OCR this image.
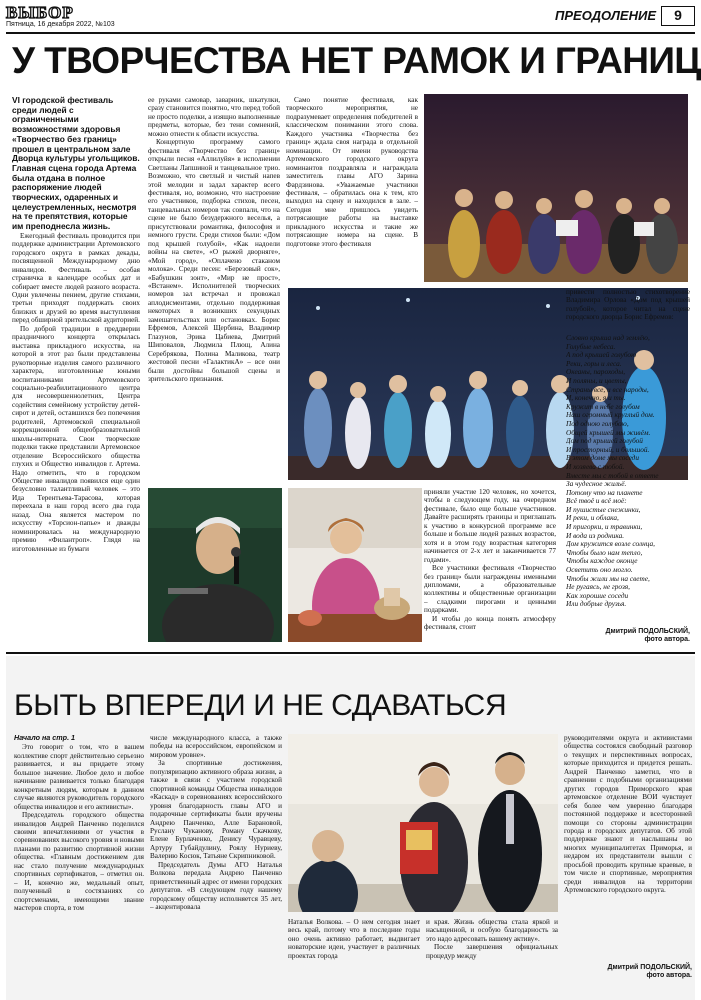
ВЫБОР
Пятница, 16 декабря 2022, №103
ПРЕОДОЛЕНИЕ	9
У ТВОРЧЕСТВА НЕТ РАМОК И ГРАНИЦ

VI городской фестиваль среди людей с ограниченными возможностями здоровья «Творчество без границ» прошел в центральном зале Дворца культуры угольщиков. Главная сцена города Артема была отдана в полное распоряжение людей творческих, одаренных и целеустремленных, несмотря на те препятствия, которые им преподнесла жизнь.

Ежегодный фестиваль проводится при поддержке администрации Артемовского городского округа в рамках декады, посвященной Международному дню инвалидов. Фестиваль – особая страничка в календаре особых дат и собирает вместе людей разного возраста. Одни увлечены пением, другие стихами, третьи приходят поддержать своих близких и друзей во время выступления перед обширной зрительской аудиторией.

По доброй традиции в преддверии праздничного концерта открылась выставка прикладного искусства, на которой в этот раз были представлены рукотворные изделия самого различного характера, изготовленные юными воспитанниками Артемовского социально-реабилитационного центра для несовершеннолетних, Центра содействия семейному устройству детей-сирот и детей, оставшихся без попечения родителей, Артемовской специальной коррекционной общеобразовательной школы-интерната. Свои творческие поделки также представили Артемовское отделение Всероссийского общества глухих и Общество инвалидов г. Артема. Надо отметить, что в городском Обществе инвалидов появился еще один безусловно талантливый человек – это Ида Терентьева-Тарасова, которая переехала в наш город всего два года назад. Она является мастером по искусству «Торсион-папье» и дважды номинировалась на международную премию «Филантроп». Глядя на изготовленные из бумаги

ее руками самовар, заварник, шкатулки, сразу становится понятно, что перед тобой не просто поделки, а изящно выполненные предметы, которые, без тени сомнений, можно отнести к области искусства.

Концертную программу самого фестиваля «Творчество без границ» открыли песня «Аллилуйя» в исполнении Светланы Лапшиной и танцевальное трио. Возможно, что светлый и чистый напев этой мелодии и задал характер всего фестиваля, но, возможно, что настроение его участников, подборка стихов, песен, танцевальных номеров так совпали, что на сцене не было безудержного веселья, а присутствовали романтика, философия и немного грусти. Среди стихов были: «Дом под крышей голубой», «Как надоели войны на свете», «О рыжей дворняге», «Мой город», «Оплачено стаканом молока». Среди песен: «Березовый сок», «Бабушкин зонт», «Мир не прост», «Встанем». Исполнителей творческих номеров зал встречал и провожал аплодисментами, отдельно поддерживая некоторых в возникших секундных замешательствах или остановках. Борис Ефремов, Алексей Щербина, Владимир Глазунов, Эрика Цабиева, Дмитрий Шиповалов, Людмила Плющ, Алина Серебрякова, Полина Маликова, театр жестовой песни «ГалактикА» – все они были достойны большой сцены и зрительского признания.

Само понятие фестиваля, как творческого мероприятия, не подразумевает определения победителей в классическом понимании этого слова. Каждого участника «Творчества без границ» ждала своя награда в отдельной номинации. От имени руководства Артемовского городского округа номинантов поздравляла и награждала заместитель главы АГО Зарина Фардзинова. «Уважаемые участники фестиваля, – обратилась она к тем, кто выходил на сцену и находился в зале. – Сегодня мне пришлось увидеть потрясающие работы на выставке прикладного искусства и такие же потрясающие номера на сцене. В подготовке этого фестиваля

приняли участие 120 человек, но хочется, чтобы в следующем году, на очередном фестивале, было еще больше участников. Давайте расширять границы и приглашать к участию в конкурсной программе все больше и больше людей разных возрастов, хотя и в этом году возрастная категория начинается от 2-х лет и заканчивается 77 годами».

Все участники фестиваля «Творчество без границ» были награждены именными дипломами, а образовательные коллективы и общественные организации – сладкими пирогами и ценными подарками.

И чтобы до конца понять атмосферу фестиваля, стоит

привести полностью стихотворение Владимира Орлова «Дом под крышей голубой», которое читал на сцене городского дворца Борис Ефремов:

Словно крыша над землёю,
Голубые небеса.
А под крышей голубою
Реки, горы и леса.
Океаны, пароходы,
И поляны, и цветы,
Страны все, и все народы,
И, конечно, я и ты.
Кружит в небе голубом
Наш огромный круглый дом.
Под одною голубою,
Общей крышей мы живём.
Дом под крышей голубой
И просторный, и большой.
В этом доме мы соседи
И хозяева с тобой.
Вместе мы с тобой в ответе
За чудесное жильё.
Потому что на планете
Всё твоё и всё моё:
И пушистые снежинки,
И реки, и облака,
И пригорки, и травинки,
И вода из родника.
Дом кружится возле солнца,
Чтобы было нам тепло,
Чтобы каждое оконце
Осветить оно могло.
Чтобы жили мы на свете,
Не ругаясь, не грозя,
Как хорошие соседи
Или добрые друзья.
Дмитрий ПОДОЛЬСКИЙ,
фото автора.
БЫТЬ ВПЕРЕДИ И НЕ СДАВАТЬСЯ

Начало на стр. 1

Это говорит о том, что в вашем коллективе спорт действительно серьезно развивается, и вы придаете этому большое значение. Любое дело и любое начинание развивается только благодаря конкретным людям, которым в данном случае являются руководитель городского общества инвалидов и его активисты».

Председатель городского общества инвалидов Андрей Панченко поделился своими впечатлениями от участия в соревнованиях высокого уровня и новыми планами по развитию спортивной жизни общества. «Главным достижением для нас стало получение международных спортивных сертификатов, – отметил он. – И, конечно же, медальный опыт, полученный в состязаниях со спортсменами, имеющими звание мастеров спорта, в том

числе международного класса, а также победы на всероссийском, европейском и мировом уровне».

За спортивные достижения, популяризацию активного образа жизни, а также в связи с участием городской спортивной команды Общества инвалидов «Каскад» в соревнованиях всероссийского уровня благодарность главы АГО и подарочные сертификаты были вручены Андрею Панченко, Алле Барановой, Руслану Чуканову, Роману Скачкову, Елене Бурлаченко, Денису Чуравцеву, Артуру Губайдулину, Роялу Нуриеву, Валерию Косюк, Татьяне Скрипниковой.

Председатель Думы АГО Наталья Волкова передала Андрею Панченко приветственный адрес от имени городских депутатов. «В следующем году нашему городскому обществу исполняется 35 лет, – акцентировала

Наталья Волкова. – О нем сегодня знает весь край, потому что в последние годы оно очень активно работает, выдвигает новаторские идеи, участвует в различных проектах города

и края. Жизнь общества стала яркой и насыщенной, и особую благодарность за это надо адресовать вашему активу».

После завершения официальных процедур между

руководителями округа и активистами общества состоялся свободный разговор о текущих и перспективных вопросах, которые приходится и придется решать. Андрей Панченко заметил, что в сравнении с подобными организациями других городов Приморского края артемовское отделение ВОИ чувствует себя более чем уверенно благодаря постоянной поддержке и всесторонней помощи со стороны администрации города и городских депутатов. Об этой поддержке знают и наслышаны во многих муниципалитетах Приморья, и недаром их представители вышли с просьбой проводить крупные краевые, в том числе и спортивные, мероприятия среди инвалидов на территории Артемовского городского округа.

Дмитрий ПОДОЛЬСКИЙ,
фото автора.
